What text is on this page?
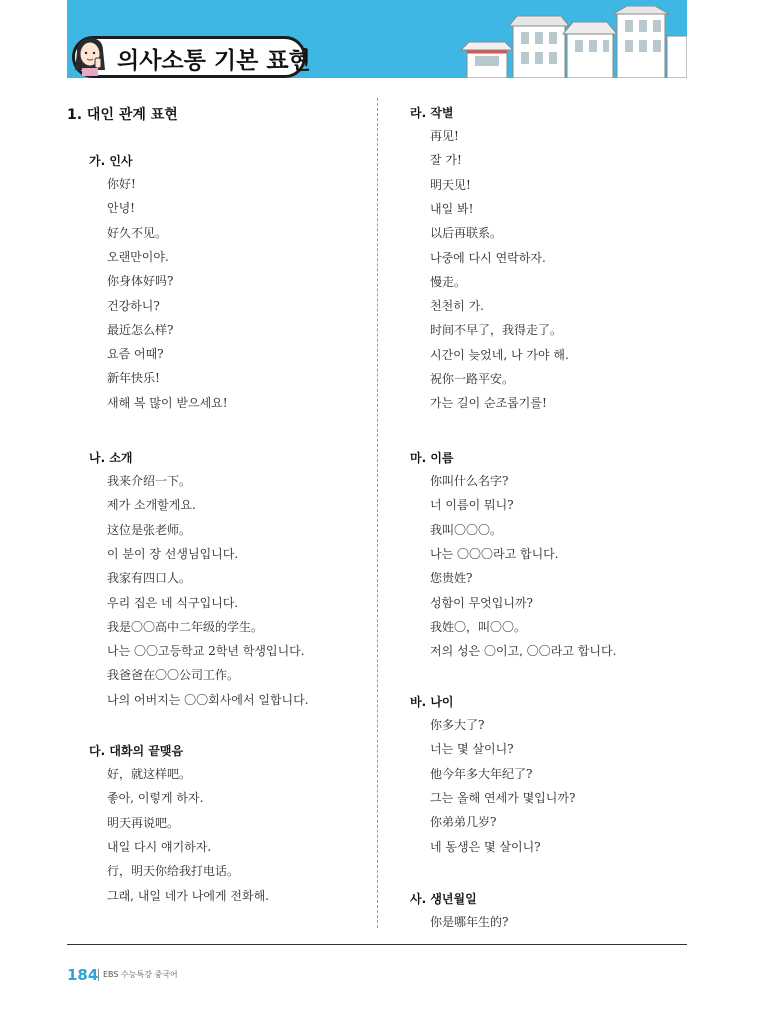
의사소통 기본 표현
1. 대인 관계 표현
가. 인사
你好!
안녕!
好久不见。
오랜만이야.
你身体好吗?
건강하니?
最近怎么样?
요즘 어때?
新年快乐!
새해 복 많이 받으세요!
나. 소개
我来介绍一下。
제가 소개할게요.
这位是张老师。
이 분이 장 선생님입니다.
我家有四口人。
우리 집은 네 식구입니다.
我是〇〇高中二年级的学生。
나는 〇〇고등학교 2학년 학생입니다.
我爸爸在〇〇公司工作。
나의 어버지는 〇〇회사에서 일합니다.
다. 대화의 끝맺음
好，就这样吧。
좋아, 이렇게 하자.
明天再说吧。
내일 다시 얘기하자.
行，明天你给我打电话。
그래, 내일 네가 나에게 전화해.
라. 작별
再见!
잘 가!
明天见!
내일 봐!
以后再联系。
나중에 다시 연락하자.
慢走。
천천히 가.
时间不早了，我得走了。
시간이 늦었네, 나 가야 해.
祝你一路平安。
가는 길이 순조롭기를!
마. 이름
你叫什么名字?
너 이름이 뭐니?
我叫〇〇〇。
나는 〇〇〇라고 합니다.
您贵姓?
성함이 무엇입니까?
我姓〇，叫〇〇。
저의 성은 〇이고, 〇〇라고 합니다.
바. 나이
你多大了?
너는 몇 살이니?
他今年多大年纪了?
그는 올해 연세가 몇입니까?
你弟弟几岁?
네 동생은 몇 살이니?
사. 생년월일
你是哪年生的?
184 EBS 수능특강 중국어
